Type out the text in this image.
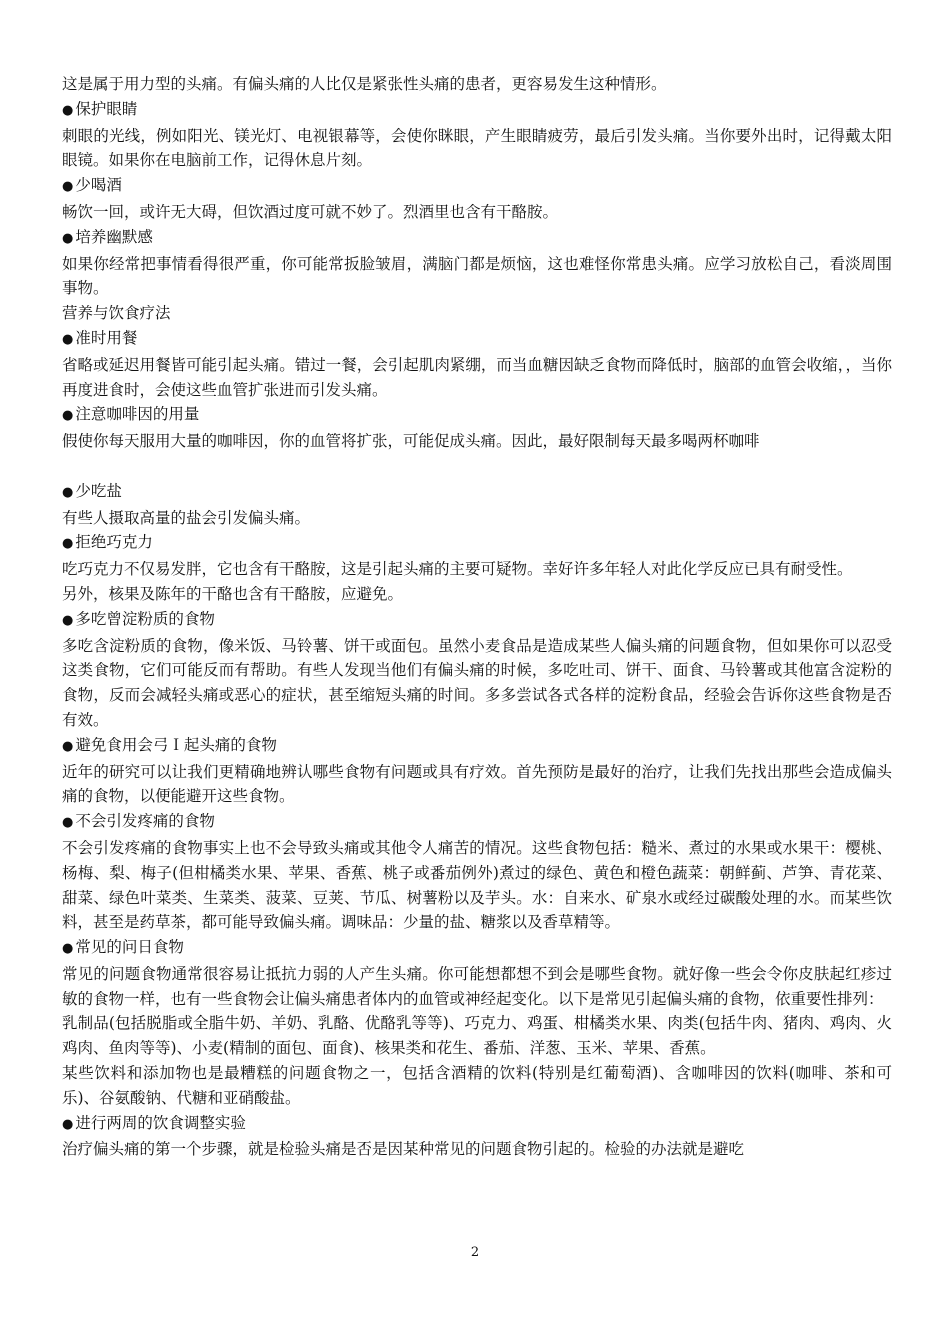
这是属于用力型的头痛。有偏头痛的人比仅是紧张性头痛的患者，更容易发生这种情形。
● 保护眼睛
刺眼的光线，例如阳光、镁光灯、电视银幕等，会使你眯眼，产生眼睛疲劳，最后引发头痛。当你要外出时，记得戴太阳眼镜。如果你在电脑前工作，记得休息片刻。
● 少喝酒
畅饮一回，或许无大碍，但饮酒过度可就不妙了。烈酒里也含有干酪胺。
● 培养幽默感
如果你经常把事情看得很严重，你可能常扳脸皱眉，满脑门都是烦恼，这也难怪你常患头痛。应学习放松自己，看淡周围事物。
营养与饮食疗法
● 准时用餐
省略或延迟用餐皆可能引起头痛。错过一餐，会引起肌肉紧绷，而当血糖因缺乏食物而降低时，脑部的血管会收缩，，当你再度进食时，会使这些血管扩张进而引发头痛。
● 注意咖啡因的用量
假使你每天服用大量的咖啡因，你的血管将扩张，可能促成头痛。因此，最好限制每天最多喝两杯咖啡
● 少吃盐
有些人摄取高量的盐会引发偏头痛。
● 拒绝巧克力
吃巧克力不仅易发胖，它也含有干酪胺，这是引起头痛的主要可疑物。幸好许多年轻人对此化学反应已具有耐受性。
另外，核果及陈年的干酪也含有干酪胺，应避免。
● 多吃曾淀粉质的食物
多吃含淀粉质的食物，像米饭、马铃薯、饼干或面包。虽然小麦食品是造成某些人偏头痛的问题食物，但如果你可以忍受这类食物，它们可能反而有帮助。有些人发现当他们有偏头痛的时候，多吃吐司、饼干、面食、马铃薯或其他富含淀粉的食物，反而会减轻头痛或恶心的症状，甚至缩短头痛的时间。多多尝试各式各样的淀粉食品，经验会告诉你这些食物是否有效。
● 避免食用会弓Ｉ起头痛的食物
近年的研究可以让我们更精确地辨认哪些食物有问题或具有疗效。首先预防是最好的治疗，让我们先找出那些会造成偏头痛的食物，以便能避开这些食物。
● 不会引发疼痛的食物
不会引发疼痛的食物事实上也不会导致头痛或其他令人痛苦的情况。这些食物包括：糙米、煮过的水果或水果干：樱桃、杨梅、梨、梅子(但柑橘类水果、苹果、香蕉、桃子或番茄例外)煮过的绿色、黄色和橙色蔬菜：朝鲜蓟、芦笋、青花菜、甜菜、绿色叶菜类、生菜类、菠菜、豆荚、节瓜、树薯粉以及芋头。水：自来水、矿泉水或经过碳酸处理的水。而某些饮料，甚至是药草茶，都可能导致偏头痛。调味品：少量的盐、糖浆以及香草精等。
● 常见的问日食物
常见的问题食物通常很容易让抵抗力弱的人产生头痛。你可能想都想不到会是哪些食物。就好像一些会令你皮肤起红疹过敏的食物一样，也有一些食物会让偏头痛患者体内的血管或神经起变化。以下是常见引起偏头痛的食物，依重要性排列：
乳制品(包括脱脂或全脂牛奶、羊奶、乳酪、优酪乳等等)、巧克力、鸡蛋、柑橘类水果、肉类(包括牛肉、猪肉、鸡肉、火鸡肉、鱼肉等等)、小麦(精制的面包、面食)、核果类和花生、番茄、洋葱、玉米、苹果、香蕉。
某些饮料和添加物也是最糟糕的问题食物之一，包括含酒精的饮料(特别是红葡萄酒)、含咖啡因的饮料(咖啡、茶和可乐)、谷氨酸钠、代糖和亚硝酸盐。
● 进行两周的饮食调整实验
治疗偏头痛的第一个步骤，就是检验头痛是否是因某种常见的问题食物引起的。检验的办法就是避吃
2
